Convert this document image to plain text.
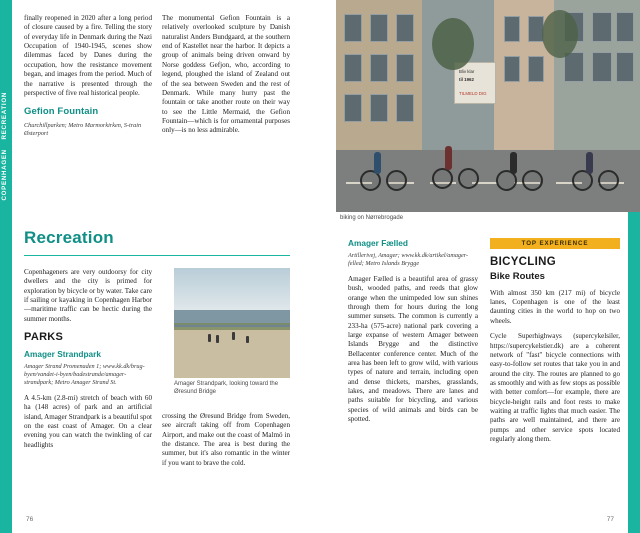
COPENHAGEN    RECREATION

finally reopened in 2020 after a long period of closure caused by a fire. Telling the story of everyday life in Denmark during the Nazi Occupation of 1940-1945, scenes show dilemmas faced by Danes during the occupation, how the resistance movement began, and images from the period. Much of the narrative is presented through the perspective of five real historical people.

Gefion Fountain
Churchillparken; Metro Marmorkirken, S-train Østerport

The monumental Gefion Fountain is a relatively overlooked sculpture by Danish naturalist Anders Bundgaard, at the southern end of Kastellet near the harbor. It depicts a group of animals being driven onward by Norse goddess Gefjon, who, according to legend, ploughed the island of Zealand out of the sea between Sweden and the rest of Denmark. While many hurry past the fountain or take another route on their way to see the Little Mermaid, the Gefion Fountain—which is for ornamental purposes only—is no less admirable.

Recreation

Copenhageners are very outdoorsy for city dwellers and the city is primed for exploration by bicycle or by water. Take care if sailing or kayaking in Copenhagen Harbor—maritime traffic can be hectic during the summer months.

PARKS
Amager Strandpark
Amager Strand Promenaden 1; www.kk.dk/brug-byen/vandet-i-byen/badestrande/amager-strandpark; Metro Amager Strand St.

A 4.5-km (2.8-mi) stretch of beach with 60 ha (148 acres) of park and an artificial island, Amager Strandpark is a beautiful spot on the east coast of Amager. On a clear evening you can watch the twinkling of car headlights

Amager Strandpark, looking toward the Øresund Bridge

crossing the Øresund Bridge from Sweden, see aircraft taking off from Copenhagen Airport, and make out the coast of Malmö in the distance. The area is best during the summer, but it's also romantic in the winter if you want to brave the cold.

76
Bliv klar
til 1962
TILMELD DIG
biking on Nørrebrogade
Amager Fælled
Artillerivej, Amager; www.kk.dk/artikel/amager-felled; Metro Islands Brygge

Amager Fælled is a beautiful area of grassy bush, wooded paths, and reeds that glow orange when the unimpeded low sun shines through them for hours during the long summer sunsets. The common is currently a 233-ha (575-acre) national park covering a large expanse of western Amager between Islands Brygge and the distinctive Bellacenter conference center. Much of the area has been left to grow wild, with various types of nature and terrain, including open and dense thickets, marshes, grasslands, lakes, and meadows. There are lanes and paths suitable for bicycling, and various species of wild animals and birds can be spotted.

TOP EXPERIENCE
BICYCLING
Bike Routes

With almost 350 km (217 mi) of bicycle lanes, Copenhagen is one of the least daunting cities in the world to hop on two wheels.

Cycle Superhighways (supercykelsiler, https://supercykelstier.dk) are a coherent network of "fast" bicycle connections with easy-to-follow set routes that take you in and around the city. The routes are planned to go as smoothly and with as few stops as possible with better comfort—for example, there are bicycle-height rails and foot rests to make waiting at traffic lights that much easier. The paths are well maintained, and there are pumps and other service spots located regularly along them.

77
